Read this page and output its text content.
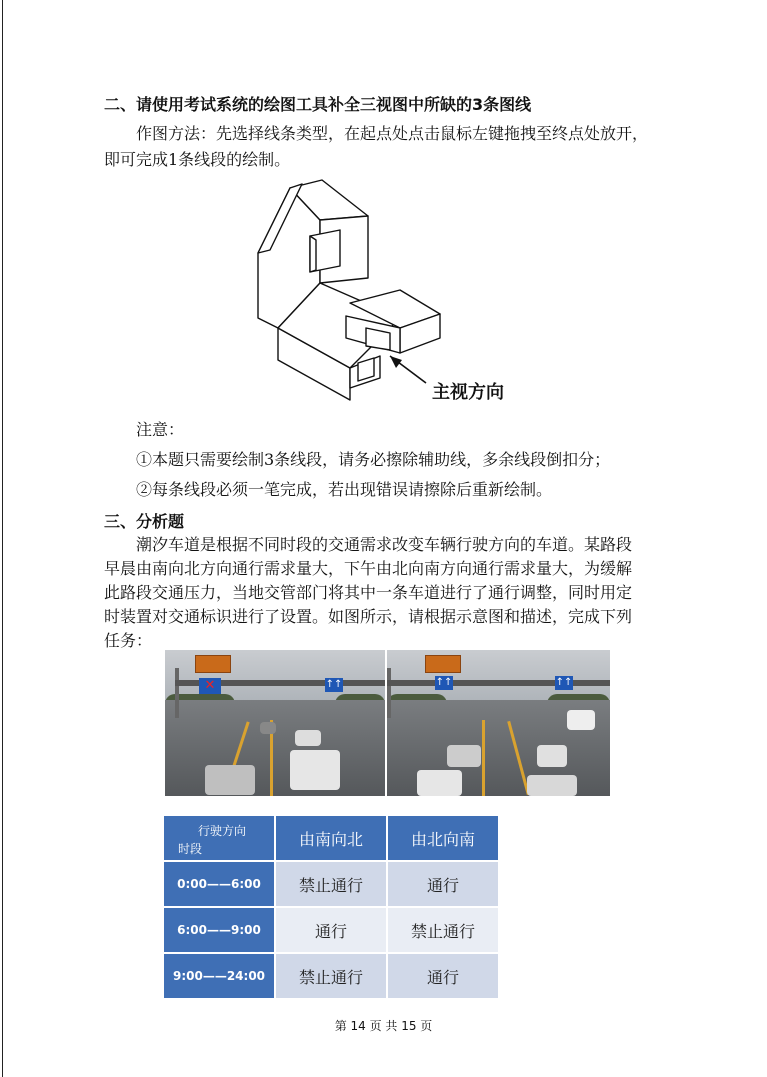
二、请使用考试系统的绘图工具补全三视图中所缺的3条图线
作图方法：先选择线条类型，在起点处点击鼠标左键拖拽至终点处放开，
即可完成1条线段的绘制。
主视方向
注意：
①本题只需要绘制3条线段，请务必擦除辅助线，多余线段倒扣分；
②每条线段必须一笔完成，若出现错误请擦除后重新绘制。
三、分析题
潮汐车道是根据不同时段的交通需求改变车辆行驶方向的车道。某路段
早晨由南向北方向通行需求量大，下午由北向南方向通行需求量大，为缓解
此路段交通压力，当地交管部门将其中一条车道进行了通行调整，同时用定
时装置对交通标识进行了设置。如图所示，请根据示意图和描述，完成下列
任务：
✕	↑↑	↑↑	↑↑
行驶方向
时段	由南向北	由北向南
0:00——6:00	禁止通行	通行
6:00——9:00	通行	禁止通行
9:00——24:00	禁止通行	通行
第 14 页 共 15 页
